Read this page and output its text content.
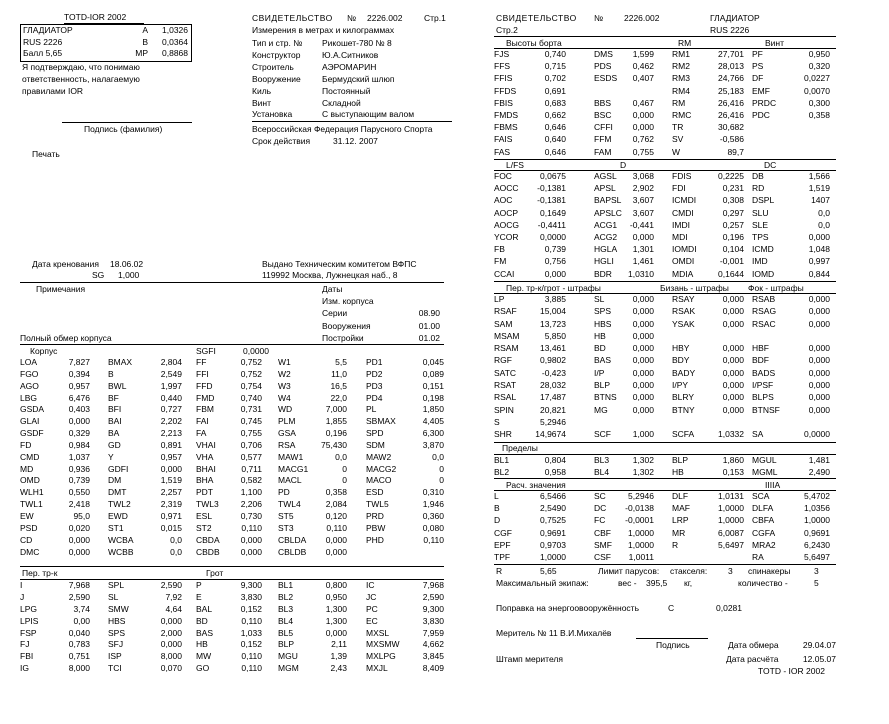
TOTD-IOR 2002
ГЛАДИАТОР	A	1,0326
RUS 2226	B	0,0364
Балл 5,65	MP	0,8868
Я подтверждаю, что понимаю
ответственность, налагаемую
правилами IOR
Подпись (фамилия)
Печать
СВИДЕТЕЛЬСТВО № 2226.002	Стр.1
Измерения в метрах и килограммах
Тип и стр. № Рикошет-780 № 8
Конструктор	Ю.А.Ситников
Строитель	АЭРОМАРИН
Вооружение	Бермудский шлюп
Киль	Постоянный
Винт	Складной
Установка	С выступающим валом
Всероссийская Федерация Парусного Спорта
Срок действия	31.12. 2007
Дата кренования 18.06.02
SG 1,000
Выдано Техническим комитетом ВФПС
119992 Москва, Лужнецкая наб., 8
Примечания	Даты
Изм. корпуса
Серии	08.90
Вооружения	01.00
Постройки	01.02
Полный обмер корпуса
Корпус	SGFI	0,0000
LOA	7,827 BMAX	2,804 FF	0,752 W1	5,5 PD1	0,045
FGO	0,394 B	2,549 FFI	0,752 W2	11,0 PD2	0,089
AGO	0,957 BWL	1,997 FFD	0,754 W3	16,5 PD3	0,151
LBG	6,476 BF	0,440 FMD	0,740 W4	22,0 PD4	0,198
GSDA	0,403 BFI	0,727 FBM	0,731 WD	7,000 PL	1,850
GLAI	0,000 BAI	2,202 FAI	0,745 PLM	1,855 SBMAX	4,405
GSDF	0,329 BA	2,213 FA	0,755 GSA	0,196 SPD	6,300
FD	0,984 GD	0,891 VHAI	0,706 RSA	75,430 SDM	3,870
CMD	1,037 Y	0,957 VHA	0,577 MAW1	0,0 MAW2	0,0
MD	0,936 GDFI	0,000 BHAI	0,711 MACG1	0 MACG2	0
OMD	0,739 DM	1,519 BHA	0,582 MACL	0 MACO	0
WLH1	0,550 DMT	2,257 PDT	1,100 PD	0,358 ESD	0,310
TWL1	2,418 TWL2	2,319 TWL3	2,206 TWL4	2,084 TWL5	1,946
EW	95,0 EWD	0,971 ESL	0,730 ST5	0,120 PRD	0,360
PSD	0,020 ST1	0,015 ST2	0,110 ST3	0,110 PBW	0,080
CD	0,000 WCBA	0,0 CBDA	0,000 CBLDA	0,000 PHD	0,110
DMC	0,000 WCBB	0,0 CBDB	0,000 CBLDB	0,000
Пер. тр-к	Грот
I	7,968 SPL	2,590 P	9,300 BL1	0,800 IC	7,968
J	2,590 SL	7,92 E	3,830 BL2	0,950 JC	2,590
LPG	3,74 SMW	4,64 BAL	0,152 BL3	1,300 PC	9,300
LPIS	0,00 HBS	0,000 BD	0,110 BL4	1,300 EC	3,830
FSP	0,040 SPS	2,000 BAS	1,033 BL5	0,000 MXSL	7,959
FJ	0,783 SFJ	0,000 HB	0,152 BLP	2,11 MXSMW	4,662
FBI	0,751 ISP	8,000 MW	0,110 MGU	1,39 MXLPG	3,845
IG	8,000 TCI	0,070 GO	0,110 MGM	2,43 MXJL	8,409
СВИДЕТЕЛЬСТВО № 2226.002	ГЛАДИАТОР
Стр.2	RUS 2226
Высоты борта	RM	Винт
FJS	0,740	DMS	1,599 RM1	27,701 PF	0,950
FFS	0,715	PDS	0,462 RM2	28,013 PS	0,320
FFIS	0,702	ESDS	0,407 RM3	24,766 DF	0,0227
FFDS	0,691	RM4	25,183 EMF	0,0070
FBIS	0,683	BBS	0,467 RM	26,416 PRDC	0,300
FMDS	0,662	BSC	0,000 RMC	26,416 PDC	0,358
FBMS	0,646	CFFI	0,000 TR	30,682
FAIS	0,640	FFM	0,762 SV	-0,586
FAS	0,646	FAM	0,755 W	89,7
L/FS	D	DC
FOC	0,0675	AGSL	3,068 FDIS	0,2225 DB	1,566
AOCC	-0,1381	APSL	2,902 FDI	0,231 RD	1,519
AOC	-0,1381	BAPSL	3,607 ICMDI	0,308 DSPL	1407
AOCP	0,1649	APSLC	3,607 CMDI	0,297 SLU	0,0
AOCG	-0,4411	ACG1	-0,441 IMDI	0,257 SLE	0,0
YCOR	0,0000	ACG2	0,000 MDI	0,196 TPS	0,000
FB	0,739	HGLA	1,301 IOMDI	0,104 ICMD	1,048
FM	0,756	HGLI	1,461 OMDI	-0,001 IMD	0,997
CCAI	0,000	BDR	1,0310 MDIA	0,1644 IOMD	0,844
Пер. тр-к/грот - штрафы	Бизань - штрафы Фок - штрафы
LP	3,885	SL	0,000 RSAY	0,000 RSAB	0,000
RSAF	15,004	SPS	0,000 RSAK	0,000 RSAG	0,000
SAM	13,723	HBS	0,000 YSAK	0,000 RSAC	0,000
MSAM	5,850	HB	0,000
RSAM	13,461	BD	0,000 HBY	0,000 HBF	0,000
RGF	0,9802	BAS	0,000 BDY	0,000 BDF	0,000
SATC	-0,423	I/P	0,000 BADY	0,000 BADS	0,000
RSAT	28,032	BLP	0,000 I/PY	0,000 I/PSF	0,000
RSAL	17,487	BTNS	0,000 BLRY	0,000 BLPS	0,000
SPIN	20,821	MG	0,000 BTNY	0,000 BTNSF	0,000
S	5,2946
SHR	14,9674	SCF	1,000 SCFA	1,0332 SA	0,0000
Пределы
BL1	0,804	BL3	1,302 BLP	1,860 MGUL	1,481
BL2	0,958	BL4	1,302 HB	0,153 MGML	2,490
Расч. значения	IIIIA
L	6,5466	SC	5,2946 DLF	1,0131 SCA	5,4702
B	2,5490	DC	-0,0138 MAF	1,0000 DLFA	1,0356
D	0,7525	FC	-0,0001 LRP	1,0000 CBFA	1,0000
CGF	0,9691	CBF	1,0000 MR	6,0087 CGFA	0,9691
EPF	0,9703	SMF	1,0000 R	5,6497 MRA2	6,2430
TPF	1,0000	CSF	1,0011	RA	5,6497
R	5,65	Лимит парусов: стакселя: 3 спинакеры	3
Максимальный экипаж:	вес - 395,5 кг,	количество -	5
Поправка на энергоовооружённость	С	0,0281
Меритель № 11 В.И.Михалёв
Подпись	Дата обмера	29.04.07
Штамп мерителя	Дата расчёта	12.05.07
TOTD - IOR 2002
